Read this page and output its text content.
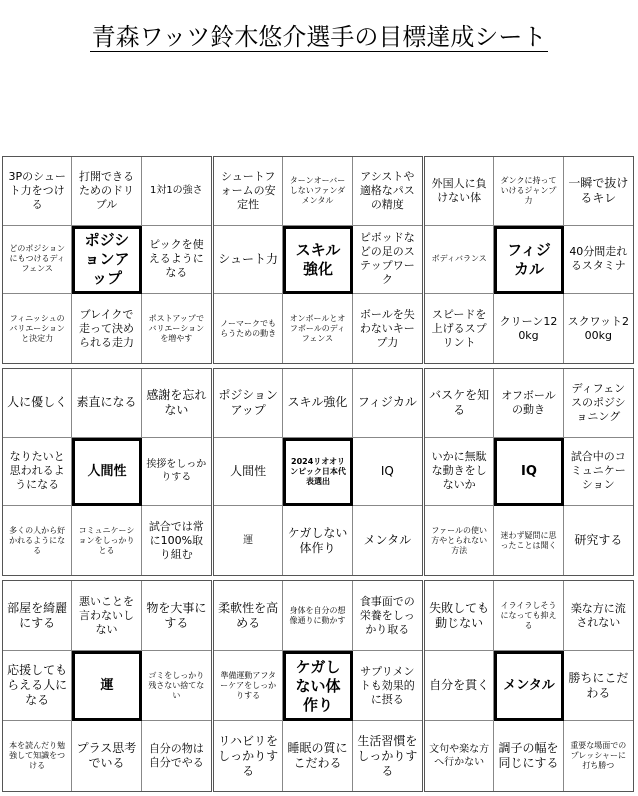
青森ワッツ鈴木悠介選手の目標達成シート
3Pのシュート力をつける
打開できるためのドリブル
1対1の強さ
どのポジションにもつけるディフェンス
ポジションアップ
ピックを使えるようになる
フィニッシュのバリエーションと決定力
ブレイクで走って決められる走力
ポストアップでバリエーションを増やす
シュートフォームの安定性
ターンオーバーしないファンダメンタル
アシストや適格なパスの精度
シュート力	スキル強化
ピボッドなどの足のステップワーク
ノーマークでもらうための動き
オンボールとオフボールのディフェンス
ボールを失わないキープ力
外国人に負けない体
ダンクに持っていけるジャンプ力
一瞬で抜けるキレ
ボディバランス	フィジカル
40分間走れるスタミナ
スピードを上げるスプリント
クリーン120kg
スクワット200kg
人に優しく 素直になる
感謝を忘れない
なりたいと思われるようになる
人間性 挨拶をしっかりする
多くの人から好かれるようになる
コミュニケーションをしっかりとる
試合では常に100%取り組む
ポジションアップ
スキル強化 フィジカル
人間性
2024リオオリンピック日本代表選出
IQ
運
ケガしない体作り
メンタル
バスケを知る
オフボールの動き
ディフェンスのポジショニング
いかに無駄な動きをしないか
IQ
試合中のコミュニケーション
ファールの使い方やとられない方法
迷わず疑問に思ったことは聞く 研究する
部屋を綺麗にする
悪いことを言わないしない
物を大事にする
応援してもらえる人になる
運
ゴミをしっかり残さない捨てない
本を読んだり勉強して知識をつける
プラス思考でいる
自分の物は自分でやる
柔軟性を高める
身体を自分の想像通りに動かす
食事面での栄養をしっかり取る
準備運動アフターケアをしっかりする
ケガしない体作り
サプリメントも効果的に摂る
リハビリをしっかりする
睡眠の質にこだわる
生活習慣をしっかりする
失敗しても動じない
イライラしそうになっても抑える
楽な方に流されない
自分を貫く メンタル
勝ちにこだわる
文句や楽な方へ行かない
調子の幅を同じにする
重要な場面でのプレッシャーに打ち勝つ
